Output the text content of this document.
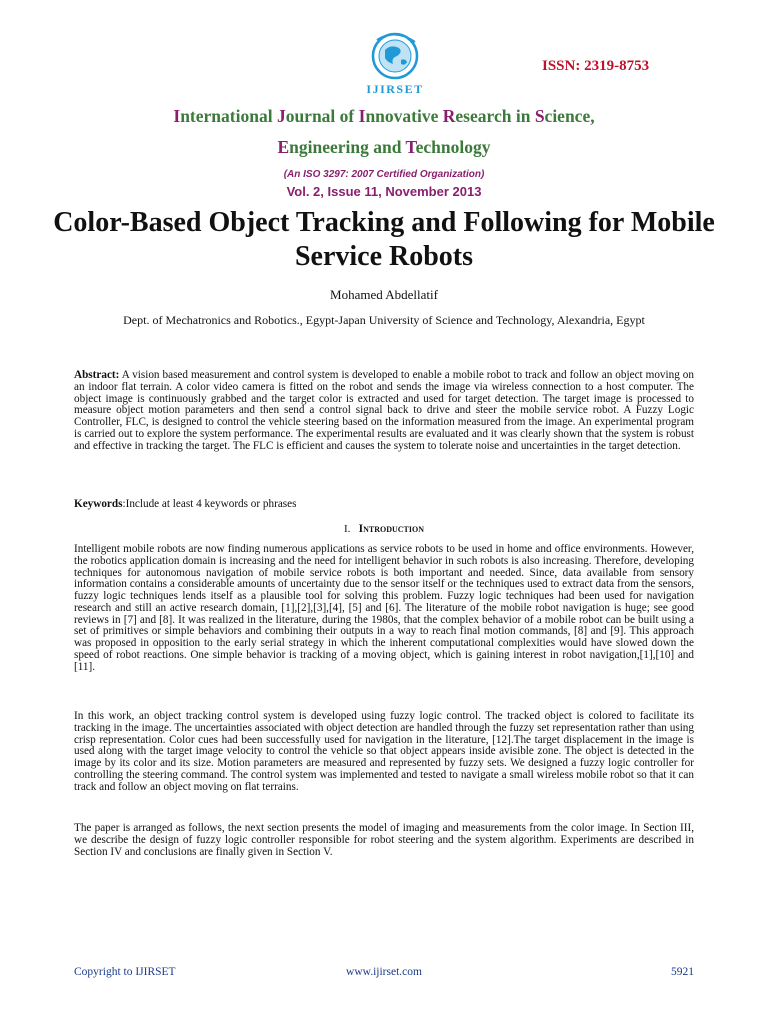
IJIRSET
ISSN: 2319-8753
International Journal of Innovative Research in Science,
Engineering and Technology
(An ISO 3297: 2007 Certified Organization)
Vol. 2, Issue 11, November 2013
Color-Based Object Tracking and Following for Mobile Service Robots
Mohamed Abdellatif
Dept. of Mechatronics and Robotics., Egypt-Japan University of Science and Technology, Alexandria, Egypt
Abstract: A vision based measurement and control system is developed to enable a mobile robot to track and follow an object moving on an indoor flat terrain. A color video camera is fitted on the robot and sends the image via wireless connection to a host computer. The object image is continuously grabbed and the target color is extracted and used for target detection. The target image is processed to measure object motion parameters and then send a control signal back to drive and steer the mobile service robot. A Fuzzy Logic Controller, FLC, is designed to control the vehicle steering based on the information measured from the image. An experimental program is carried out to explore the system performance. The experimental results are evaluated and it was clearly shown that the system is robust and effective in tracking the target. The FLC is efficient and causes the system to tolerate noise and uncertainties in the target detection.
Keywords:Include at least 4 keywords or phrases
I. Introduction
Intelligent mobile robots are now finding numerous applications as service robots to be used in home and office environments. However, the robotics application domain is increasing and the need for intelligent behavior in such robots is also increasing. Therefore, developing techniques for autonomous navigation of mobile service robots is both important and needed. Since, data available from sensory information contains a considerable amounts of uncertainty due to the sensor itself or the techniques used to extract data from the sensors, fuzzy logic techniques lends itself as a plausible tool for solving this problem. Fuzzy logic techniques had been used for navigation research and still an active research domain, [1],[2],[3],[4], [5] and [6]. The literature of the mobile robot navigation is huge; see good reviews in [7] and [8]. It was realized in the literature, during the 1980s, that the complex behavior of a mobile robot can be built using a set of primitives or simple behaviors and combining their outputs in a way to reach final motion commands, [8] and [9]. This approach was proposed in opposition to the early serial strategy in which the inherent computational complexities would have slowed down the speed of robot reactions. One simple behavior is tracking of a moving object, which is gaining interest in robot navigation,[1],[10] and [11].
In this work, an object tracking control system is developed using fuzzy logic control. The tracked object is colored to facilitate its tracking in the image. The uncertainties associated with object detection are handled through the fuzzy set representation rather than using crisp representation. Color cues had been successfully used for navigation in the literature, [12].The target displacement in the image is used along with the target image velocity to control the vehicle so that object appears inside avisible zone. The object is detected in the image by its color and its size. Motion parameters are measured and represented by fuzzy sets. We designed a fuzzy logic controller for controlling the steering command. The control system was implemented and tested to navigate a small wireless mobile robot so that it can track and follow an object moving on flat terrains.
The paper is arranged as follows, the next section presents the model of imaging and measurements from the color image. In Section III, we describe the design of fuzzy logic controller responsible for robot steering and the system algorithm. Experiments are described in Section IV and conclusions are finally given in Section V.
Copyright to IJIRSET	www.ijirset.com	5921
